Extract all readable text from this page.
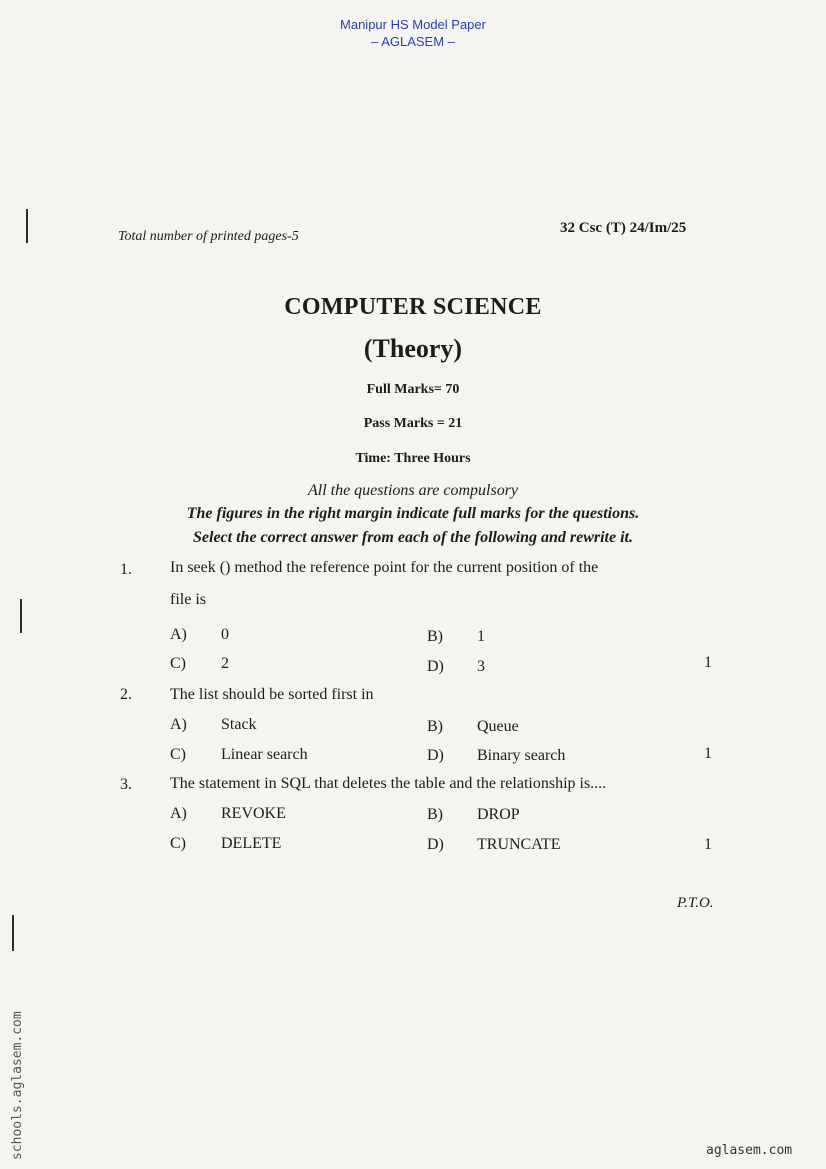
Manipur HS Model Paper
– AGLASEM –
Total number of printed pages-5
32 Csc (T) 24/Im/25
COMPUTER SCIENCE
(Theory)
Full Marks= 70
Pass Marks = 21
Time: Three Hours
All the questions are compulsory
The figures in the right margin indicate full marks for the questions.
Select the correct answer from each of the following and rewrite it.
1. In seek () method the reference point for the current position of the
file is
A) 0	B) 1
C) 2	D) 3	1
2. The list should be sorted first in
A) Stack	B) Queue
C) Linear search	D) Binary search	1
3. The statement in SQL that deletes the table and the relationship is....
A) REVOKE	B) DROP
C) DELETE	D) TRUNCATE	1
P.T.O.
schools.aglasem.com	aglasem.com
